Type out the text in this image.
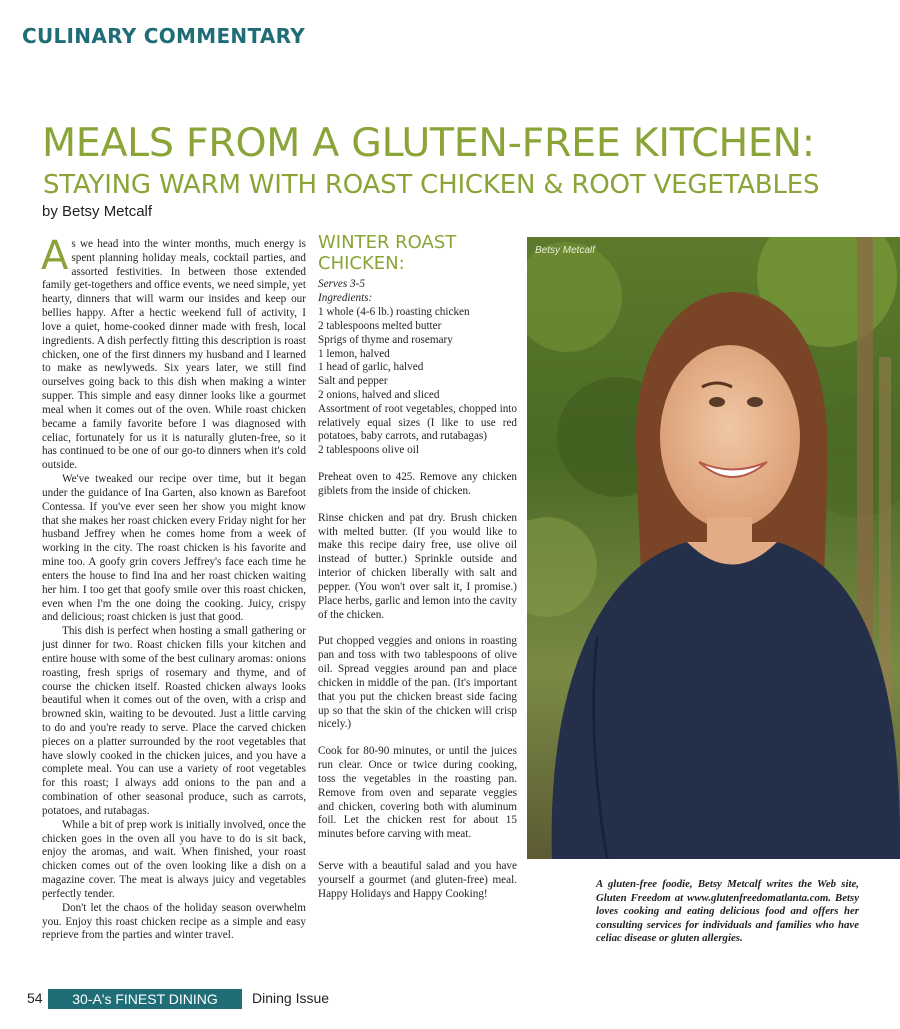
CULINARY COMMENTARY
MEALS FROM A GLUTEN-FREE KITCHEN:
STAYING WARM WITH ROAST CHICKEN & ROOT VEGETABLES
by Betsy Metcalf

As we head into the winter months, much energy is spent planning holiday meals, cocktail parties, and assorted festivities. In between those extended family get-togethers and office events, we need simple, yet hearty, dinners that will warm our insides and keep our bellies happy. After a hectic weekend full of activity, I love a quiet, home-cooked dinner made with fresh, local ingredients. A dish perfectly fitting this description is roast chicken, one of the first dinners my husband and I learned to make as newlyweds. Six years later, we still find ourselves going back to this dish when making a winter supper. This simple and easy dinner looks like a gourmet meal when it comes out of the oven. While roast chicken became a family favorite before I was diagnosed with celiac, fortunately for us it is naturally gluten-free, so it has continued to be one of our go-to dinners when it's cold outside.

We've tweaked our recipe over time, but it began under the guidance of Ina Garten, also known as Barefoot Contessa. If you've ever seen her show you might know that she makes her roast chicken every Friday night for her husband Jeffrey when he comes home from a week of working in the city. The roast chicken is his favorite and mine too. A goofy grin covers Jeffrey's face each time he enters the house to find Ina and her roast chicken waiting her him. I too get that goofy smile over this roast chicken, even when I'm the one doing the cooking. Juicy, crispy and delicious; roast chicken is just that good.

This dish is perfect when hosting a small gathering or just dinner for two. Roast chicken fills your kitchen and entire house with some of the best culinary aromas: onions roasting, fresh sprigs of rosemary and thyme, and of course the chicken itself. Roasted chicken always looks beautiful when it comes out of the oven, with a crisp and browned skin, waiting to be devouted. Just a little carving to do and you're ready to serve. Place the carved chicken pieces on a platter surrounded by the root vegetables that have slowly cooked in the chicken juices, and you have a complete meal. You can use a variety of root vegetables for this roast; I always add onions to the pan and a combination of other seasonal produce, such as carrots, potatoes, and rutabagas.

While a bit of prep work is initially involved, once the chicken goes in the oven all you have to do is sit back, enjoy the aromas, and wait. When finished, your roast chicken comes out of the oven looking like a dish on a magazine cover. The meat is always juicy and vegetables perfectly tender.

Don't let the chaos of the holiday season overwhelm you. Enjoy this roast chicken recipe as a simple and easy reprieve from the parties and winter travel.

WINTER ROAST CHICKEN:
Serves 3-5
Ingredients:
1 whole (4-6 lb.) roasting chicken
2 tablespoons melted butter
Sprigs of thyme and rosemary
1 lemon, halved
1 head of garlic, halved
Salt and pepper
2 onions, halved and sliced
Assortment of root vegetables, chopped into relatively equal sizes (I like to use red potatoes, baby carrots, and rutabagas)
2 tablespoons olive oil

Preheat oven to 425. Remove any chicken giblets from the inside of chicken.

Rinse chicken and pat dry. Brush chicken with melted butter. (If you would like to make this recipe dairy free, use olive oil instead of butter.) Sprinkle outside and interior of chicken liberally with salt and pepper. (You won't over salt it, I promise.) Place herbs, garlic and lemon into the cavity of the chicken.

Put chopped veggies and onions in roasting pan and toss with two tablespoons of olive oil. Spread veggies around pan and place chicken in middle of the pan. (It's important that you put the chicken breast side facing up so that the skin of the chicken will crisp nicely.)

Cook for 80-90 minutes, or until the juices run clear. Once or twice during cooking, toss the vegetables in the roasting pan. Remove from oven and separate veggies and chicken, covering both with aluminum foil. Let the chicken rest for about 15 minutes before carving with meat.

Serve with a beautiful salad and you have yourself a gourmet (and gluten-free) meal. Happy Holidays and Happy Cooking!

Betsy Metcalf
A gluten-free foodie, Betsy Metcalf writes the Web site, Gluten Freedom at www.glutenfreedomatlanta.com. Betsy loves cooking and eating delicious food and offers her consulting services for individuals and families who have celiac disease or gluten allergies.
54	30-A's FINEST DINING	Dining Issue
